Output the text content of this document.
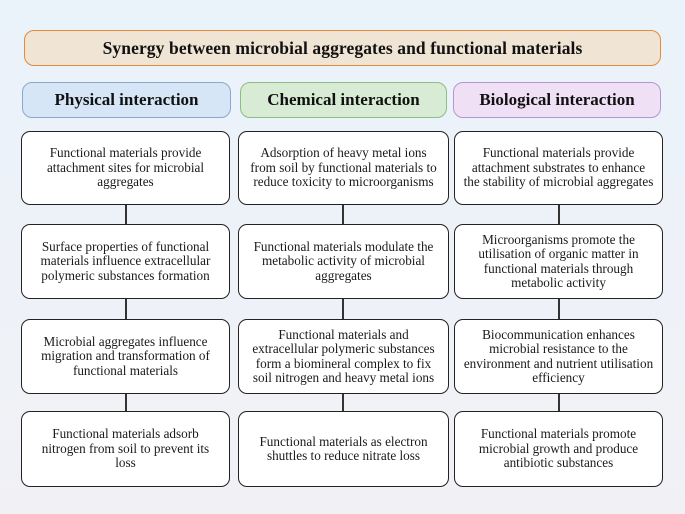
Synergy between microbial aggregates and functional materials
Physical interaction	Chemical interaction	Biological interaction
Functional materials provide attachment sites for microbial aggregates
Surface properties of functional materials influence extracellular polymeric substances formation
Microbial aggregates influence migration and transformation of functional materials
Functional materials adsorb nitrogen from soil to prevent its loss
Adsorption of heavy metal ions from soil by functional materials to reduce toxicity to microorganisms
Functional materials modulate the metabolic activity of microbial aggregates
Functional materials and extracellular polymeric substances form a biomineral complex to fix soil nitrogen and heavy metal ions
Functional materials as electron shuttles to reduce nitrate loss
Functional materials provide attachment substrates to enhance the stability of microbial aggregates
Microorganisms promote the utilisation of organic matter in functional materials through metabolic activity
Biocommunication enhances microbial resistance to the environment and nutrient utilisation efficiency
Functional materials promote microbial growth and produce antibiotic substances
